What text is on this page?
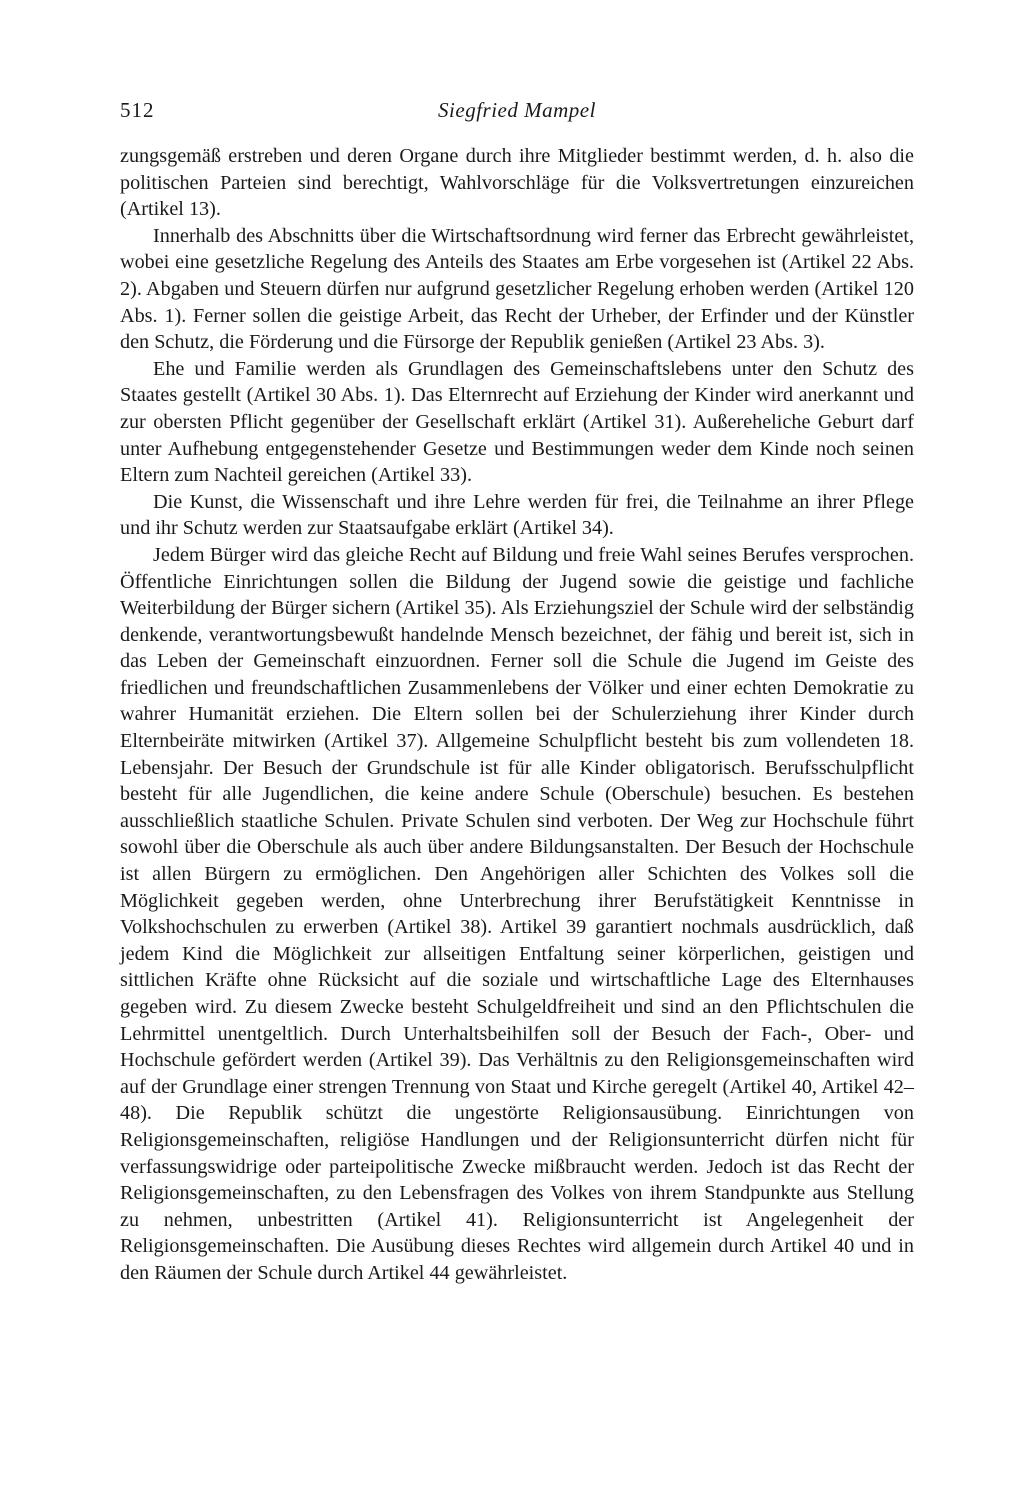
512	Siegfried Mampel

zungsgemäß erstreben und deren Organe durch ihre Mitglieder bestimmt werden, d. h. also die politischen Parteien sind berechtigt, Wahlvorschläge für die Volksvertretungen einzureichen (Artikel 13).

Innerhalb des Abschnitts über die Wirtschaftsordnung wird ferner das Erbrecht gewährleistet, wobei eine gesetzliche Regelung des Anteils des Staates am Erbe vorgesehen ist (Artikel 22 Abs. 2). Abgaben und Steuern dürfen nur aufgrund gesetzlicher Regelung erhoben werden (Artikel 120 Abs. 1). Ferner sollen die geistige Arbeit, das Recht der Urheber, der Erfinder und der Künstler den Schutz, die Förderung und die Fürsorge der Republik genießen (Artikel 23 Abs. 3).

Ehe und Familie werden als Grundlagen des Gemeinschaftslebens unter den Schutz des Staates gestellt (Artikel 30 Abs. 1). Das Elternrecht auf Erziehung der Kinder wird anerkannt und zur obersten Pflicht gegenüber der Gesellschaft erklärt (Artikel 31). Außereheliche Geburt darf unter Aufhebung entgegenstehender Gesetze und Bestimmungen weder dem Kinde noch seinen Eltern zum Nachteil gereichen (Artikel 33).

Die Kunst, die Wissenschaft und ihre Lehre werden für frei, die Teilnahme an ihrer Pflege und ihr Schutz werden zur Staatsaufgabe erklärt (Artikel 34).

Jedem Bürger wird das gleiche Recht auf Bildung und freie Wahl seines Berufes versprochen. Öffentliche Einrichtungen sollen die Bildung der Jugend sowie die geistige und fachliche Weiterbildung der Bürger sichern (Artikel 35). Als Erziehungsziel der Schule wird der selbständig denkende, verantwortungsbewußt handelnde Mensch bezeichnet, der fähig und bereit ist, sich in das Leben der Gemeinschaft einzuordnen. Ferner soll die Schule die Jugend im Geiste des friedlichen und freundschaftlichen Zusammenlebens der Völker und einer echten Demokratie zu wahrer Humanität erziehen. Die Eltern sollen bei der Schulerziehung ihrer Kinder durch Elternbeiräte mitwirken (Artikel 37). Allgemeine Schulpflicht besteht bis zum vollendeten 18. Lebensjahr. Der Besuch der Grundschule ist für alle Kinder obligatorisch. Berufsschulpflicht besteht für alle Jugendlichen, die keine andere Schule (Oberschule) besuchen. Es bestehen ausschließlich staatliche Schulen. Private Schulen sind verboten. Der Weg zur Hochschule führt sowohl über die Oberschule als auch über andere Bildungsanstalten. Der Besuch der Hochschule ist allen Bürgern zu ermöglichen. Den Angehörigen aller Schichten des Volkes soll die Möglichkeit gegeben werden, ohne Unterbrechung ihrer Berufstätigkeit Kenntnisse in Volkshochschulen zu erwerben (Artikel 38). Artikel 39 garantiert nochmals ausdrücklich, daß jedem Kind die Möglichkeit zur allseitigen Entfaltung seiner körperlichen, geistigen und sittlichen Kräfte ohne Rücksicht auf die soziale und wirtschaftliche Lage des Elternhauses gegeben wird. Zu diesem Zwecke besteht Schulgeldfreiheit und sind an den Pflichtschulen die Lehrmittel unentgeltlich. Durch Unterhaltsbeihilfen soll der Besuch der Fach-, Ober- und Hochschule gefördert werden (Artikel 39). Das Verhältnis zu den Religionsgemeinschaften wird auf der Grundlage einer strengen Trennung von Staat und Kirche geregelt (Artikel 40, Artikel 42–48). Die Republik schützt die ungestörte Religionsausübung. Einrichtungen von Religionsgemeinschaften, religiöse Handlungen und der Religionsunterricht dürfen nicht für verfassungswidrige oder parteipolitische Zwecke mißbraucht werden. Jedoch ist das Recht der Religionsgemeinschaften, zu den Lebensfragen des Volkes von ihrem Standpunkte aus Stellung zu nehmen, unbestritten (Artikel 41). Religionsunterricht ist Angelegenheit der Religionsgemeinschaften. Die Ausübung dieses Rechtes wird allgemein durch Artikel 40 und in den Räumen der Schule durch Artikel 44 gewährleistet.
